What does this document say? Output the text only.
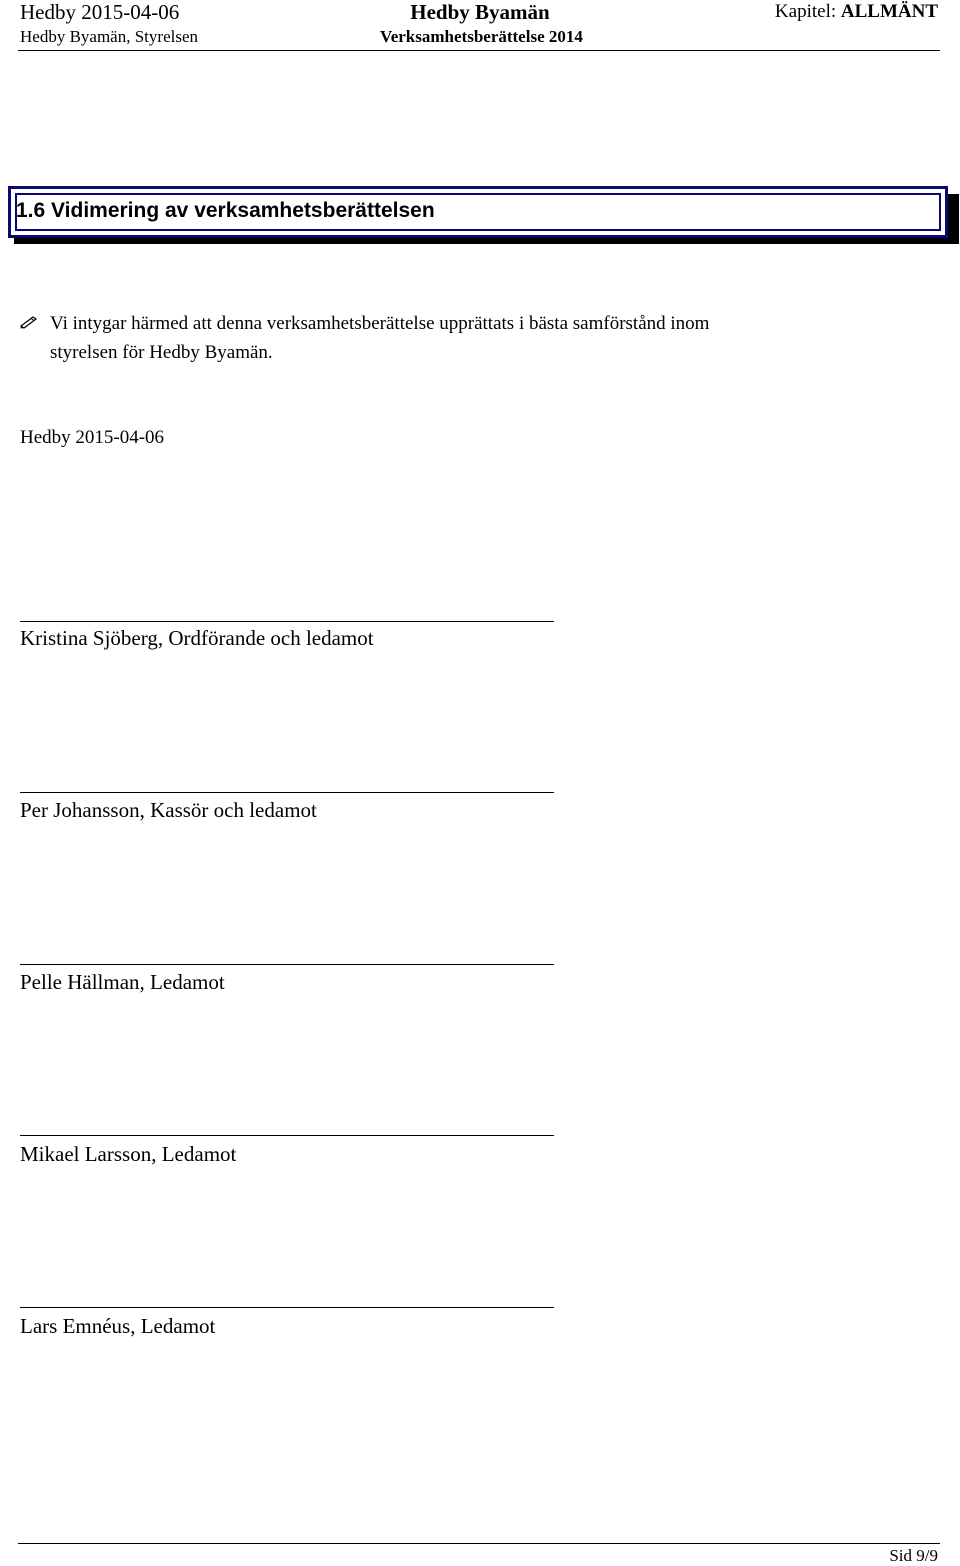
Hedby 2015-04-06	Hedby Byamän	Kapitel: ALLMÄNT
Hedby Byamän, Styrelsen	Verksamhetsberättelse 2014
1.6 Vidimering av verksamhetsberättelsen
Vi intygar härmed att denna verksamhetsberättelse upprättats i bästa samförstånd inom
styrelsen för Hedby Byamän.
Hedby 2015-04-06
Kristina Sjöberg, Ordförande och ledamot
Per Johansson, Kassör och ledamot
Pelle Hällman, Ledamot
Mikael Larsson, Ledamot
Lars Emnéus, Ledamot
Sid 9/9
